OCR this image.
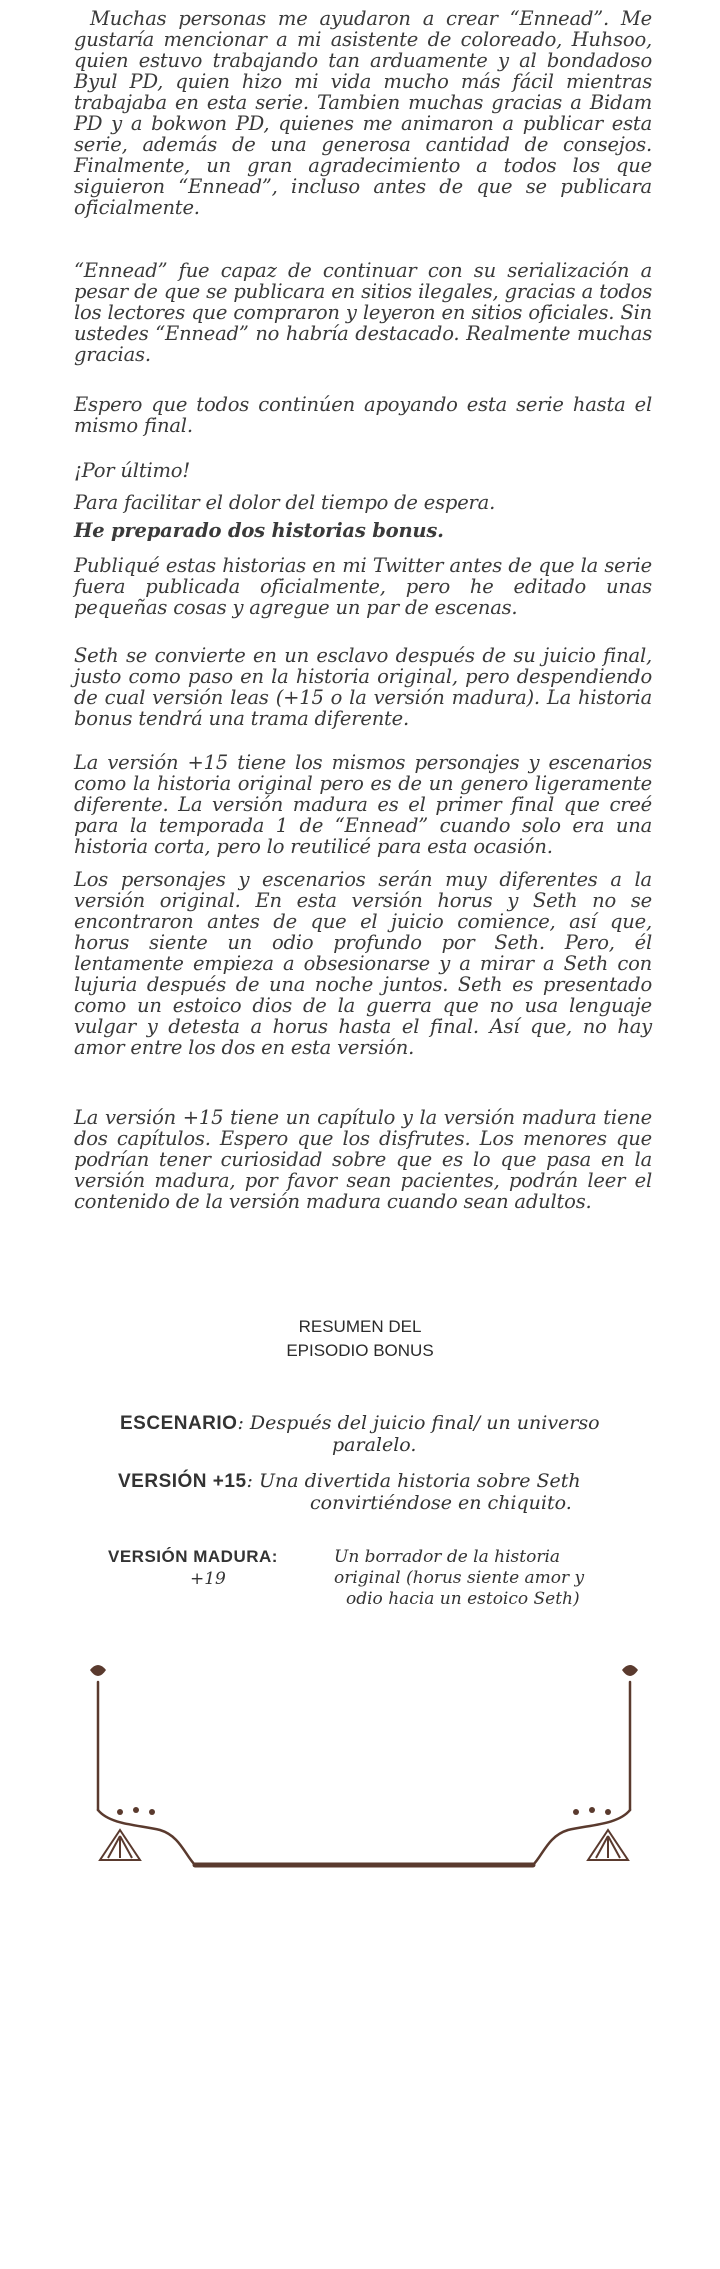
Muchas personas me ayudaron a crear “Ennead”. Me gustaría mencionar a mi asistente de coloreado, Huhsoo, quien estuvo trabajando tan arduamente y al bondadoso Byul PD, quien hizo mi vida mucho más fácil mientras trabajaba en esta serie. Tambien muchas gracias a Bidam PD y a bokwon PD, quienes me animaron a publicar esta serie, además de una generosa cantidad de consejos. Finalmente, un gran agradecimiento a todos los que siguieron “Ennead”, incluso antes de que se publicara oficialmente.

“Ennead” fue capaz de continuar con su serialización a pesar de que se publicara en sitios ilegales, gracias a todos los lectores que compraron y leyeron en sitios oficiales. Sin ustedes “Ennead” no habría destacado. Realmente muchas gracias.

Espero que todos continúen apoyando esta serie hasta el mismo final.

¡Por último!

Para facilitar el dolor del tiempo de espera.

He preparado dos historias bonus.

Publiqué estas historias en mi Twitter antes de que la serie fuera publicada oficialmente, pero he editado unas pequeñas cosas y agregue un par de escenas.

Seth se convierte en un esclavo después de su juicio final, justo como paso en la historia original, pero despendiendo de cual versión leas (+15 o la versión madura). La historia bonus tendrá una trama diferente.

La versión +15 tiene los mismos personajes y escenarios como la historia original pero es de un genero ligeramente diferente. La versión madura es el primer final que creé para la temporada 1 de “Ennead” cuando solo era una historia corta, pero lo reutilicé para esta ocasión.

Los personajes y escenarios serán muy diferentes a la versión original. En esta versión horus y Seth no se encontraron antes de que el juicio comience, así que, horus siente un odio profundo por Seth. Pero, él lentamente empieza a obsesionarse y a mirar a Seth con lujuria después de una noche juntos. Seth es presentado como un estoico dios de la guerra que no usa lenguaje vulgar y detesta a horus hasta el final. Así que, no hay amor entre los dos en esta versión.

La versión +15 tiene un capítulo y la versión madura tiene dos capítulos. Espero que los disfrutes. Los menores que podrían tener curiosidad sobre que es lo que pasa en la versión madura, por favor sean pacientes, podrán leer el contenido de la versión madura cuando sean adultos.

RESUMEN DEL
EPISODIO BONUS
ESCENARIO: Después del juicio final/ un universo
paralelo.
VERSIÓN +15: Una divertida historia sobre Seth
convirtiéndose en chiquito.
VERSIÓN MADURA:
+19
Un borrador de la historia
original (horus siente amor y
odio hacia un estoico Seth)
